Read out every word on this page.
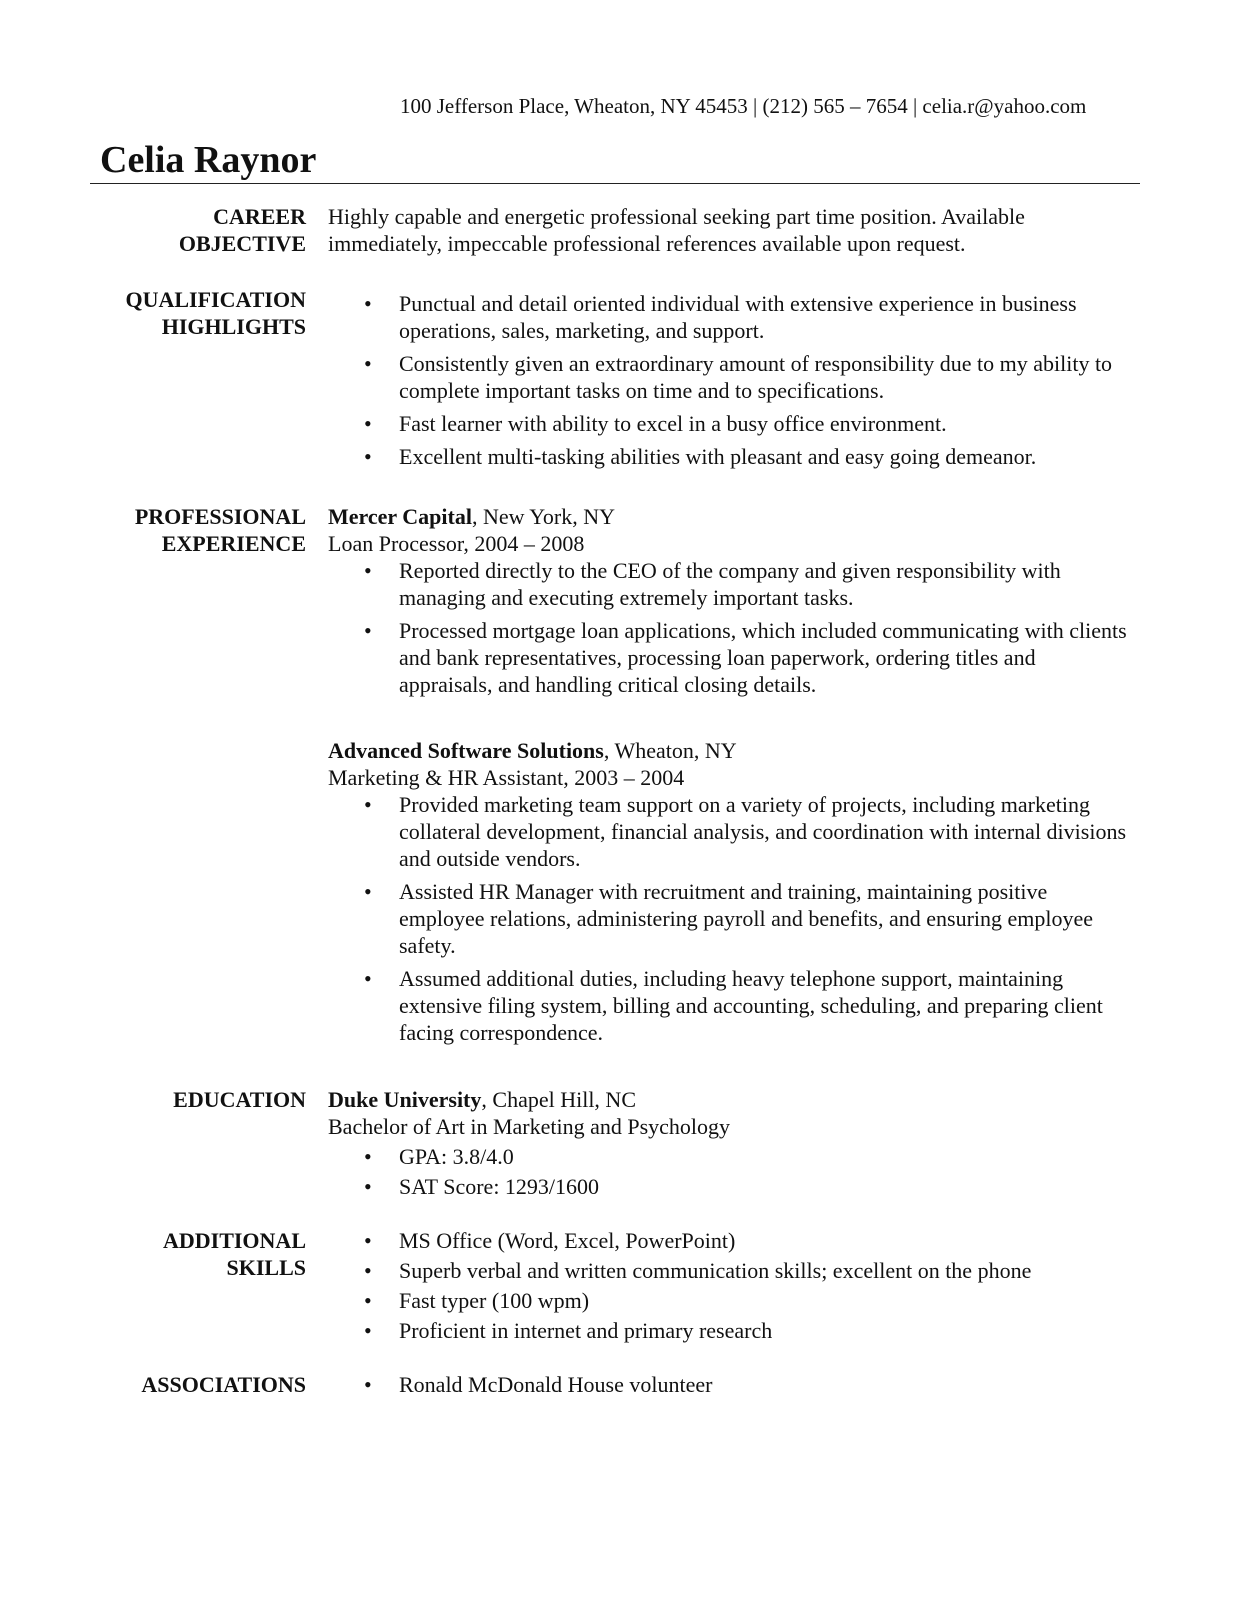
100 Jefferson Place, Wheaton, NY 45453 | (212) 565 – 7654 | celia.r@yahoo.com
Celia Raynor
CAREER
OBJECTIVE

Highly capable and energetic professional seeking part time position. Available immediately, impeccable professional references available upon request.

QUALIFICATION
HIGHLIGHTS
• Punctual and detail oriented individual with extensive experience in business operations, sales, marketing, and support.
• Consistently given an extraordinary amount of responsibility due to my ability to complete important tasks on time and to specifications.
• Fast learner with ability to excel in a busy office environment.
• Excellent multi-tasking abilities with pleasant and easy going demeanor.
PROFESSIONAL
EXPERIENCE

Mercer Capital, New York, NY

Loan Processor, 2004 – 2008

• Reported directly to the CEO of the company and given responsibility with managing and executing extremely important tasks.
• Processed mortgage loan applications, which included communicating with clients and bank representatives, processing loan paperwork, ordering titles and appraisals, and handling critical closing details.

Advanced Software Solutions, Wheaton, NY

Marketing & HR Assistant, 2003 – 2004

• Provided marketing team support on a variety of projects, including marketing collateral development, financial analysis, and coordination with internal divisions and outside vendors.
• Assisted HR Manager with recruitment and training, maintaining positive employee relations, administering payroll and benefits, and ensuring employee safety.
• Assumed additional duties, including heavy telephone support, maintaining extensive filing system, billing and accounting, scheduling, and preparing client facing correspondence.
EDUCATION Duke University, Chapel Hill, NC

Bachelor of Art in Marketing and Psychology

• GPA: 3.8/4.0
• SAT Score: 1293/1600
ADDITIONAL
SKILLS
• MS Office (Word, Excel, PowerPoint)
• Superb verbal and written communication skills; excellent on the phone
• Fast typer (100 wpm)
• Proficient in internet and primary research
ASSOCIATIONS
•	Ronald McDonald House volunteer
